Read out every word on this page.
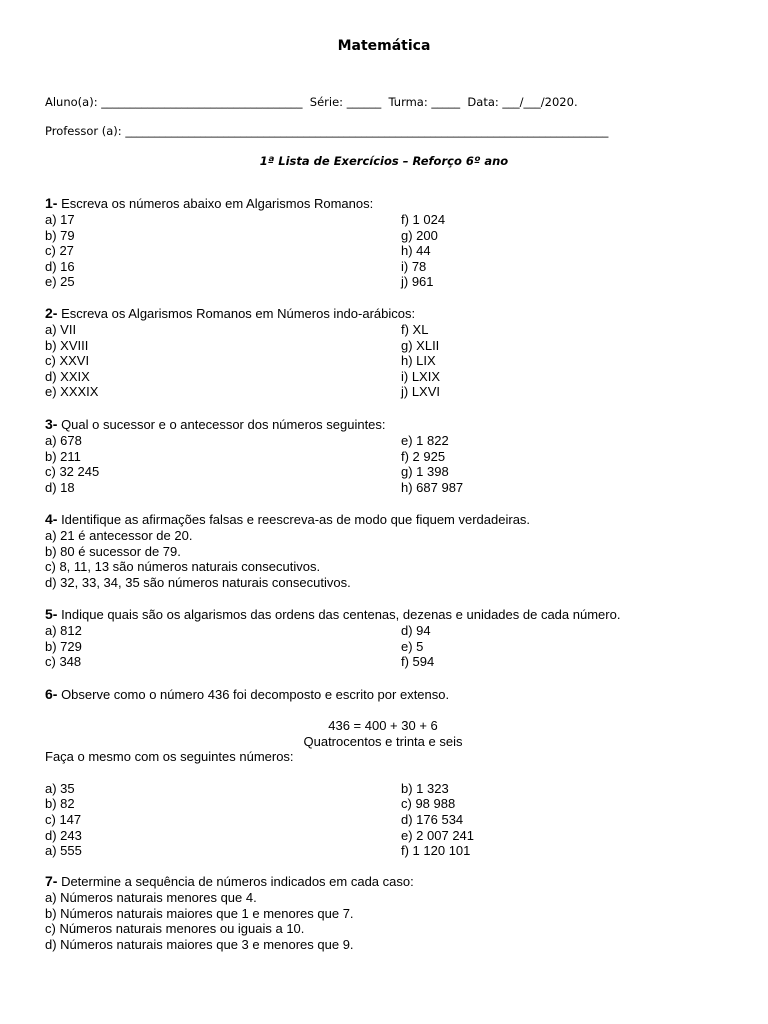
Matemática
Aluno(a): ___________________________________  Série: ______  Turma: _____  Data: ___/___/2020.
Professor (a): ____________________________________________________________________________________
1ª Lista de Exercícios – Reforço 6º ano
1- Escreva os números abaixo em Algarismos Romanos:
a) 17	f) 1 024
b) 79	g) 200
c) 27	h) 44
d) 16	i) 78
e) 25	j) 961
2- Escreva os Algarismos Romanos em Números indo-arábicos:
a) VII	f) XL
b) XVIII	g) XLII
c) XXVI	h) LIX
d) XXIX	i) LXIX
e) XXXIX	j) LXVI
3- Qual o sucessor e o antecessor dos números seguintes:
a) 678	e) 1 822
b) 211	f) 2 925
c) 32 245	g) 1 398
d) 18	h) 687 987
4- Identifique as afirmações falsas e reescreva-as de modo que fiquem verdadeiras.
a) 21 é antecessor de 20.
b) 80 é sucessor de 79.
c) 8, 11, 13 são números naturais consecutivos.
d) 32, 33, 34, 35 são números naturais consecutivos.
5- Indique quais são os algarismos das ordens das centenas, dezenas e unidades de cada número.
a) 812	d) 94
b) 729	e) 5
c) 348	f) 594
6- Observe como o número 436 foi decomposto e escrito por extenso.
436 = 400 + 30 + 6
Quatrocentos e trinta e seis
Faça o mesmo com os seguintes números:
a) 35	b) 1 323
b) 82	c) 98 988
c) 147	d) 176 534
d) 243	e) 2 007 241
a) 555	f) 1 120 101
7- Determine a sequência de números indicados em cada caso:
a) Números naturais menores que 4.
b) Números naturais maiores que 1 e menores que 7.
c) Números naturais menores ou iguais a 10.
d) Números naturais maiores que 3 e menores que 9.
